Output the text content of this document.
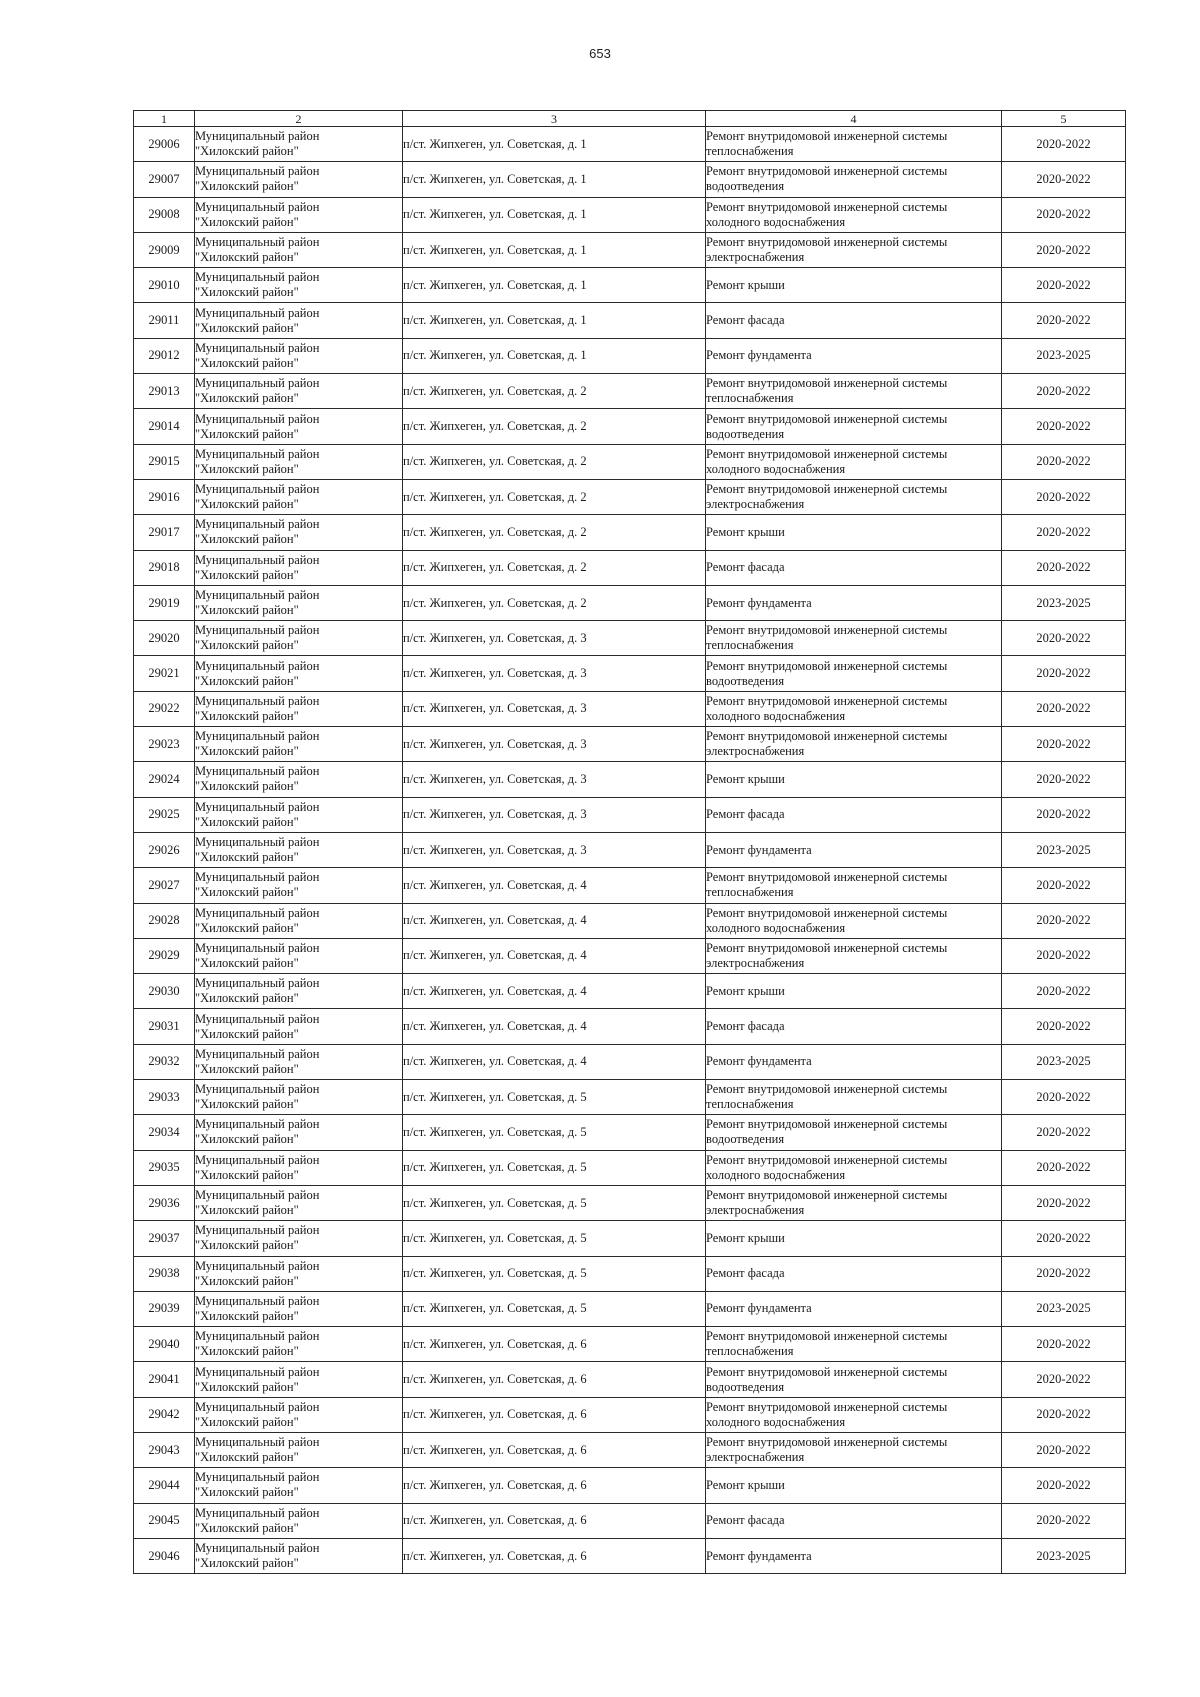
653
1	2	3	4	5
29006	Муниципальный район
"Хилокский район"	п/ст. Жипхеген, ул. Советская, д. 1	Ремонт внутридомовой инженерной системы
теплоснабжения	2020-2022
29007	Муниципальный район
"Хилокский район"	п/ст. Жипхеген, ул. Советская, д. 1	Ремонт внутридомовой инженерной системы
водоотведения	2020-2022
29008	Муниципальный район
"Хилокский район"	п/ст. Жипхеген, ул. Советская, д. 1	Ремонт внутридомовой инженерной системы
холодного водоснабжения	2020-2022
29009	Муниципальный район
"Хилокский район"	п/ст. Жипхеген, ул. Советская, д. 1	Ремонт внутридомовой инженерной системы
электроснабжения	2020-2022
29010	Муниципальный район
"Хилокский район"	п/ст. Жипхеген, ул. Советская, д. 1	Ремонт крыши	2020-2022
29011	Муниципальный район
"Хилокский район"	п/ст. Жипхеген, ул. Советская, д. 1	Ремонт фасада	2020-2022
29012	Муниципальный район
"Хилокский район"	п/ст. Жипхеген, ул. Советская, д. 1	Ремонт фундамента	2023-2025
29013	Муниципальный район
"Хилокский район"	п/ст. Жипхеген, ул. Советская, д. 2	Ремонт внутридомовой инженерной системы
теплоснабжения	2020-2022
29014	Муниципальный район
"Хилокский район"	п/ст. Жипхеген, ул. Советская, д. 2	Ремонт внутридомовой инженерной системы
водоотведения	2020-2022
29015	Муниципальный район
"Хилокский район"	п/ст. Жипхеген, ул. Советская, д. 2	Ремонт внутридомовой инженерной системы
холодного водоснабжения	2020-2022
29016	Муниципальный район
"Хилокский район"	п/ст. Жипхеген, ул. Советская, д. 2	Ремонт внутридомовой инженерной системы
электроснабжения	2020-2022
29017	Муниципальный район
"Хилокский район"	п/ст. Жипхеген, ул. Советская, д. 2	Ремонт крыши	2020-2022
29018	Муниципальный район
"Хилокский район"	п/ст. Жипхеген, ул. Советская, д. 2	Ремонт фасада	2020-2022
29019	Муниципальный район
"Хилокский район"	п/ст. Жипхеген, ул. Советская, д. 2	Ремонт фундамента	2023-2025
29020	Муниципальный район
"Хилокский район"	п/ст. Жипхеген, ул. Советская, д. 3	Ремонт внутридомовой инженерной системы
теплоснабжения	2020-2022
29021	Муниципальный район
"Хилокский район"	п/ст. Жипхеген, ул. Советская, д. 3	Ремонт внутридомовой инженерной системы
водоотведения	2020-2022
29022	Муниципальный район
"Хилокский район"	п/ст. Жипхеген, ул. Советская, д. 3	Ремонт внутридомовой инженерной системы
холодного водоснабжения	2020-2022
29023	Муниципальный район
"Хилокский район"	п/ст. Жипхеген, ул. Советская, д. 3	Ремонт внутридомовой инженерной системы
электроснабжения	2020-2022
29024	Муниципальный район
"Хилокский район"	п/ст. Жипхеген, ул. Советская, д. 3	Ремонт крыши	2020-2022
29025	Муниципальный район
"Хилокский район"	п/ст. Жипхеген, ул. Советская, д. 3	Ремонт фасада	2020-2022
29026	Муниципальный район
"Хилокский район"	п/ст. Жипхеген, ул. Советская, д. 3	Ремонт фундамента	2023-2025
29027	Муниципальный район
"Хилокский район"	п/ст. Жипхеген, ул. Советская, д. 4	Ремонт внутридомовой инженерной системы
теплоснабжения	2020-2022
29028	Муниципальный район
"Хилокский район"	п/ст. Жипхеген, ул. Советская, д. 4	Ремонт внутридомовой инженерной системы
холодного водоснабжения	2020-2022
29029	Муниципальный район
"Хилокский район"	п/ст. Жипхеген, ул. Советская, д. 4	Ремонт внутридомовой инженерной системы
электроснабжения	2020-2022
29030	Муниципальный район
"Хилокский район"	п/ст. Жипхеген, ул. Советская, д. 4	Ремонт крыши	2020-2022
29031	Муниципальный район
"Хилокский район"	п/ст. Жипхеген, ул. Советская, д. 4	Ремонт фасада	2020-2022
29032	Муниципальный район
"Хилокский район"	п/ст. Жипхеген, ул. Советская, д. 4	Ремонт фундамента	2023-2025
29033	Муниципальный район
"Хилокский район"	п/ст. Жипхеген, ул. Советская, д. 5	Ремонт внутридомовой инженерной системы
теплоснабжения	2020-2022
29034	Муниципальный район
"Хилокский район"	п/ст. Жипхеген, ул. Советская, д. 5	Ремонт внутридомовой инженерной системы
водоотведения	2020-2022
29035	Муниципальный район
"Хилокский район"	п/ст. Жипхеген, ул. Советская, д. 5	Ремонт внутридомовой инженерной системы
холодного водоснабжения	2020-2022
29036	Муниципальный район
"Хилокский район"	п/ст. Жипхеген, ул. Советская, д. 5	Ремонт внутридомовой инженерной системы
электроснабжения	2020-2022
29037	Муниципальный район
"Хилокский район"	п/ст. Жипхеген, ул. Советская, д. 5	Ремонт крыши	2020-2022
29038	Муниципальный район
"Хилокский район"	п/ст. Жипхеген, ул. Советская, д. 5	Ремонт фасада	2020-2022
29039	Муниципальный район
"Хилокский район"	п/ст. Жипхеген, ул. Советская, д. 5	Ремонт фундамента	2023-2025
29040	Муниципальный район
"Хилокский район"	п/ст. Жипхеген, ул. Советская, д. 6	Ремонт внутридомовой инженерной системы
теплоснабжения	2020-2022
29041	Муниципальный район
"Хилокский район"	п/ст. Жипхеген, ул. Советская, д. 6	Ремонт внутридомовой инженерной системы
водоотведения	2020-2022
29042	Муниципальный район
"Хилокский район"	п/ст. Жипхеген, ул. Советская, д. 6	Ремонт внутридомовой инженерной системы
холодного водоснабжения	2020-2022
29043	Муниципальный район
"Хилокский район"	п/ст. Жипхеген, ул. Советская, д. 6	Ремонт внутридомовой инженерной системы
электроснабжения	2020-2022
29044	Муниципальный район
"Хилокский район"	п/ст. Жипхеген, ул. Советская, д. 6	Ремонт крыши	2020-2022
29045	Муниципальный район
"Хилокский район"	п/ст. Жипхеген, ул. Советская, д. 6	Ремонт фасада	2020-2022
29046	Муниципальный район
"Хилокский район"	п/ст. Жипхеген, ул. Советская, д. 6	Ремонт фундамента	2023-2025
